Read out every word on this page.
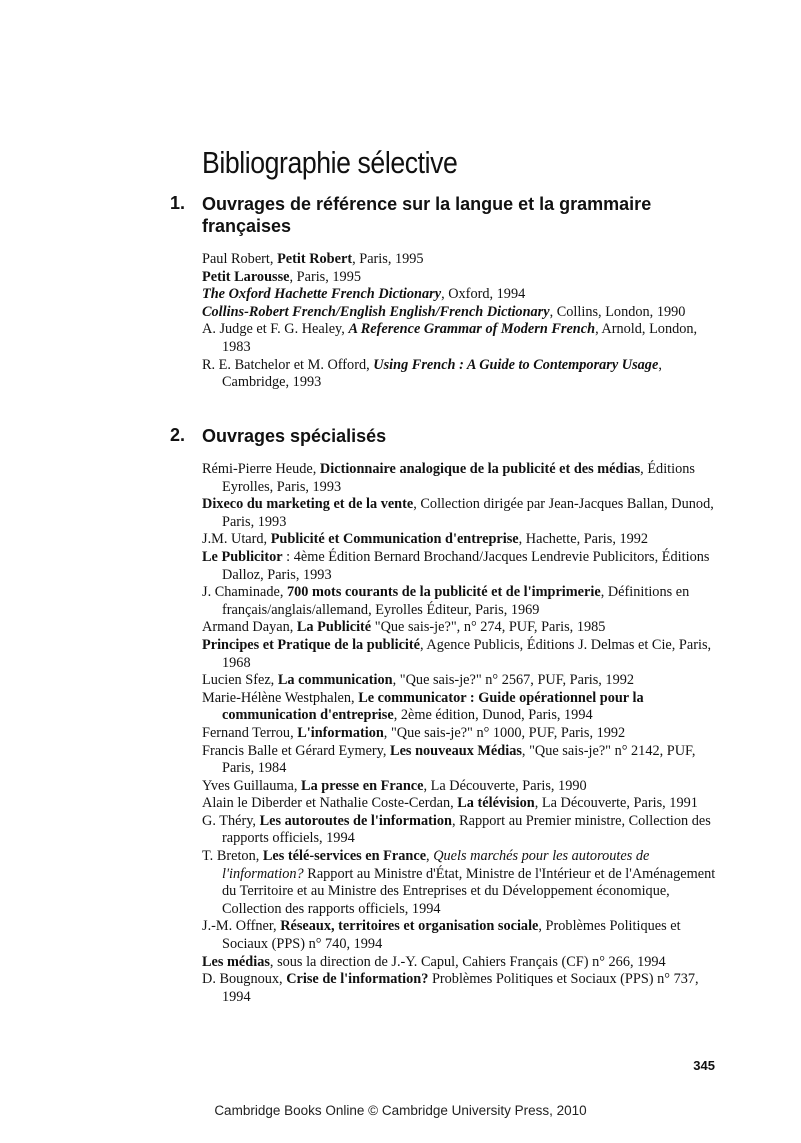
Bibliographie sélective
1. Ouvrages de référence sur la langue et la grammaire françaises

Paul Robert, Petit Robert, Paris, 1995

Petit Larousse, Paris, 1995

The Oxford Hachette French Dictionary, Oxford, 1994

Collins-Robert French/English English/French Dictionary, Collins, London, 1990

A. Judge et F. G. Healey, A Reference Grammar of Modern French, Arnold, London, 1983

R. E. Batchelor et M. Offord, Using French : A Guide to Contemporary Usage, Cambridge, 1993

2. Ouvrages spécialisés

Rémi-Pierre Heude, Dictionnaire analogique de la publicité et des médias, Éditions Eyrolles, Paris, 1993

Dixeco du marketing et de la vente, Collection dirigée par Jean-Jacques Ballan, Dunod, Paris, 1993

J.M. Utard, Publicité et Communication d'entreprise, Hachette, Paris, 1992

Le Publicitor : 4ème Édition Bernard Brochand/Jacques Lendrevie Publicitors, Éditions Dalloz, Paris, 1993

J. Chaminade, 700 mots courants de la publicité et de l'imprimerie, Définitions en français/anglais/allemand, Eyrolles Éditeur, Paris, 1969

Armand Dayan, La Publicité "Que sais-je?", n° 274, PUF, Paris, 1985

Principes et Pratique de la publicité, Agence Publicis, Éditions J. Delmas et Cie, Paris, 1968

Lucien Sfez, La communication, "Que sais-je?" n° 2567, PUF, Paris, 1992

Marie-Hélène Westphalen, Le communicator : Guide opérationnel pour la communication d'entreprise, 2ème édition, Dunod, Paris, 1994

Fernand Terrou, L'information, "Que sais-je?" n° 1000, PUF, Paris, 1992

Francis Balle et Gérard Eymery, Les nouveaux Médias, "Que sais-je?" n° 2142, PUF, Paris, 1984

Yves Guillauma, La presse en France, La Découverte, Paris, 1990

Alain le Diberder et Nathalie Coste-Cerdan, La télévision, La Découverte, Paris, 1991

G. Théry, Les autoroutes de l'information, Rapport au Premier ministre, Collection des rapports officiels, 1994

T. Breton, Les télé-services en France, Quels marchés pour les autoroutes de l'information? Rapport au Ministre d'État, Ministre de l'Intérieur et de l'Aménagement du Territoire et au Ministre des Entreprises et du Développement économique, Collection des rapports officiels, 1994

J.-M. Offner, Réseaux, territoires et organisation sociale, Problèmes Politiques et Sociaux (PPS) n° 740, 1994

Les médias, sous la direction de J.-Y. Capul, Cahiers Français (CF) n° 266, 1994

D. Bougnoux, Crise de l'information? Problèmes Politiques et Sociaux (PPS) n° 737, 1994

345
Cambridge Books Online © Cambridge University Press, 2010
